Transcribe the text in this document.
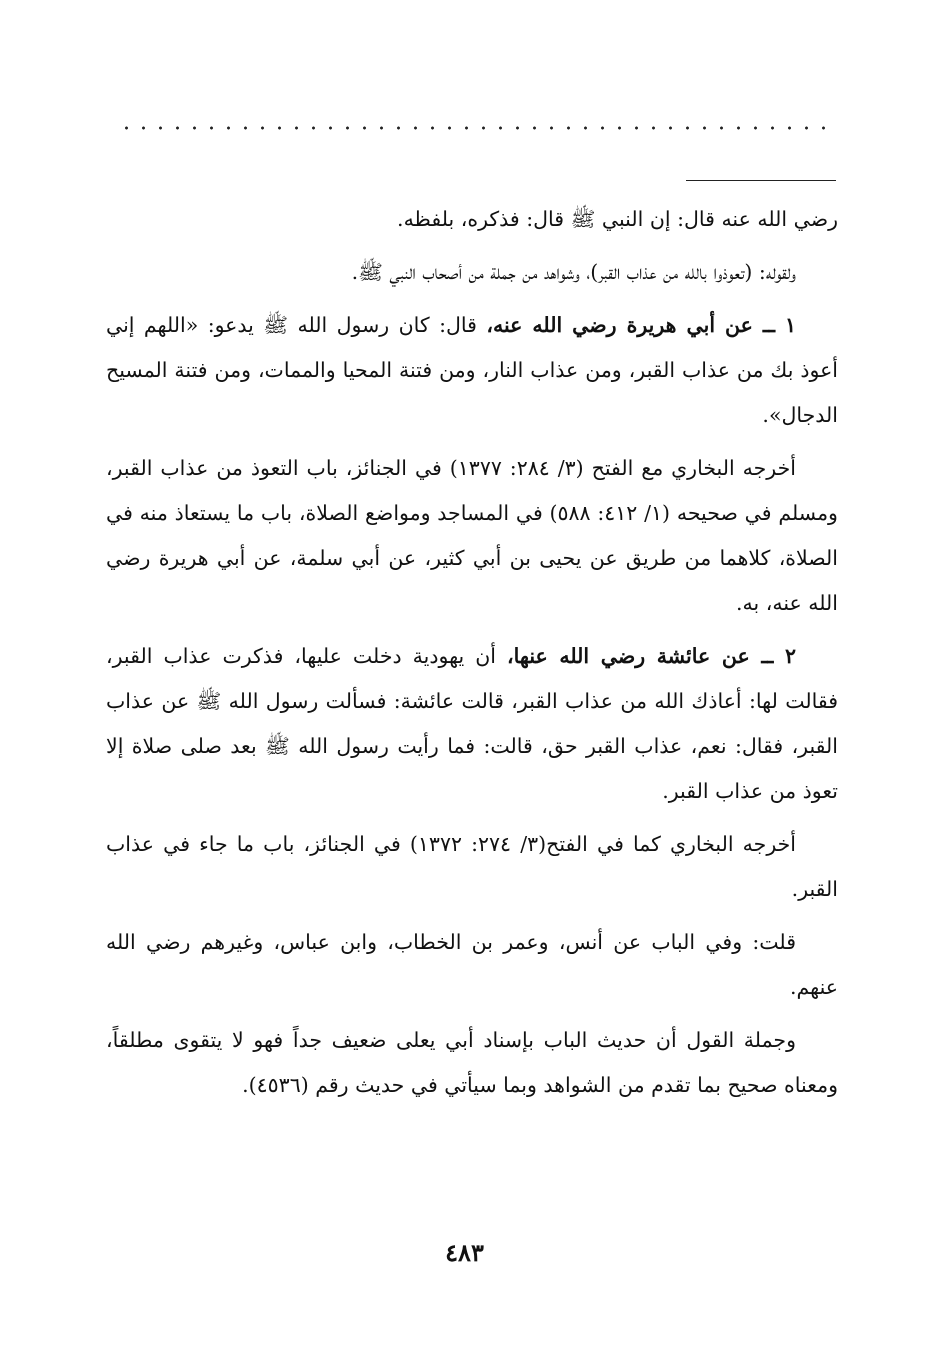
رضي الله عنه قال: إن النبي ﷺ قال: فذكره، بلفظه.

ولقوله: (تعوذوا بالله من عذاب القبر)، وشواهد من جملة من أصحاب النبي ﷺ.

١ ــ عن أبي هريرة رضي الله عنه، قال: كان رسول الله ﷺ يدعو: «اللهم إني أعوذ بك من عذاب القبر، ومن عذاب النار، ومن فتنة المحيا والممات، ومن فتنة المسيح الدجال».

أخرجه البخاري مع الفتح (٣/ ٢٨٤: ١٣٧٧) في الجنائز، باب التعوذ من عذاب القبر، ومسلم في صحيحه (١/ ٤١٢: ٥٨٨) في المساجد ومواضع الصلاة، باب ما يستعاذ منه في الصلاة، كلاهما من طريق عن يحيى بن أبي كثير، عن أبي سلمة، عن أبي هريرة رضي الله عنه، به.

٢ ــ عن عائشة رضي الله عنها، أن يهودية دخلت عليها، فذكرت عذاب القبر، فقالت لها: أعاذك الله من عذاب القبر، قالت عائشة: فسألت رسول الله ﷺ عن عذاب القبر، فقال: نعم، عذاب القبر حق، قالت: فما رأيت رسول الله ﷺ بعد صلى صلاة إلا تعوذ من عذاب القبر.

أخرجه البخاري كما في الفتح(٣/ ٢٧٤: ١٣٧٢) في الجنائز، باب ما جاء في عذاب القبر.

قلت: وفي الباب عن أنس، وعمر بن الخطاب، وابن عباس، وغيرهم رضي الله عنهم.

وجملة القول أن حديث الباب بإسناد أبي يعلى ضعيف جداً فهو لا يتقوى مطلقاً، ومعناه صحيح بما تقدم من الشواهد وبما سيأتي في حديث رقم (٤٥٣٦).

٤٨٣
